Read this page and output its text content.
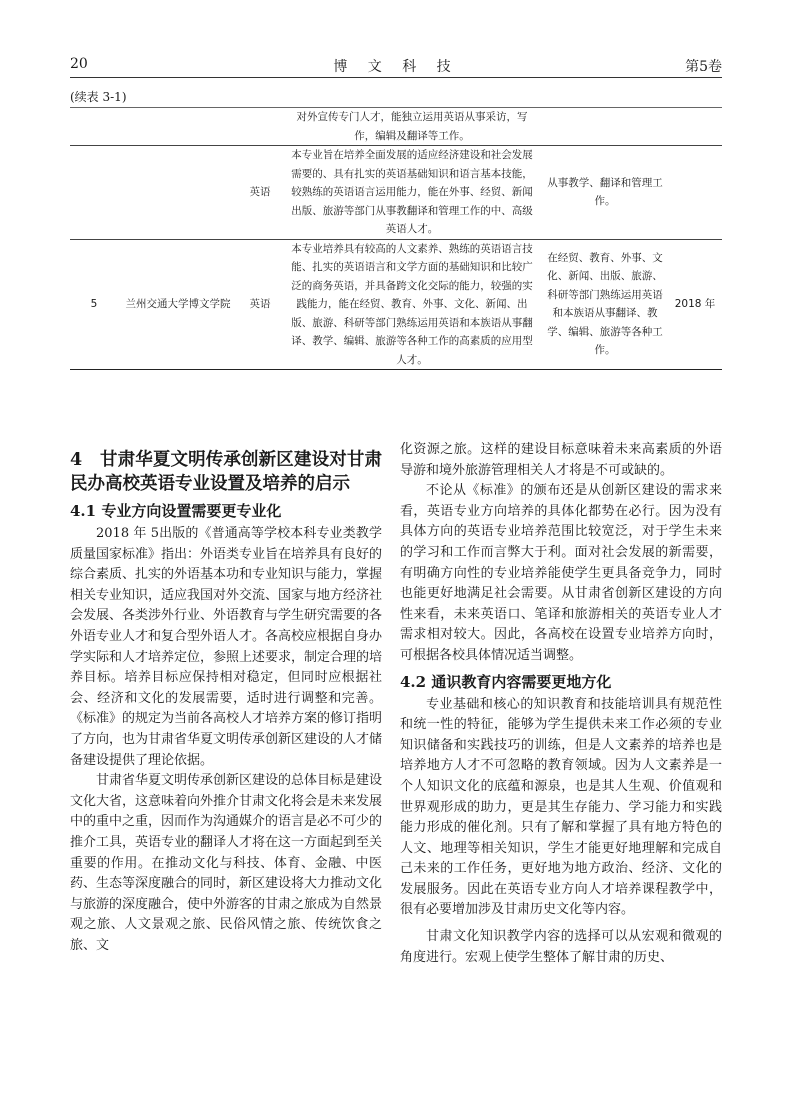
20	博 文 科 技	第5卷
(续表 3-1)
			对外宣传专门人才，能独立运用英语从事采访，写作，编辑及翻译等工作。		
		英语	本专业旨在培养全面发展的适应经济建设和社会发展需要的、具有扎实的英语基础知识和语言基本技能，较熟练的英语语言运用能力，能在外事、经贸、新闻出版、旅游等部门从事教翻译和管理工作的中、高级英语人才。	从事教学、翻译和管理工作。	
5	兰州交通大学博文学院	英语	本专业培养具有较高的人文素养、熟练的英语语言技能、扎实的英语语言和文学方面的基础知识和比较广泛的商务英语，并具备跨文化交际的能力，较强的实践能力，能在经贸、教育、外事、文化、新闻、出版、旅游、科研等部门熟练运用英语和本族语从事翻译、教学、编辑、旅游等各种工作的高素质的应用型人才。	在经贸、教育、外事、文化、新闻、出版、旅游、科研等部门熟练运用英语和本族语从事翻译、教学、编辑、旅游等各种工作。	2018 年
4　甘肃华夏文明传承创新区建设对甘肃民办高校英语专业设置及培养的启示
4.1 专业方向设置需要更专业化

2018 年 5出版的《普通高等学校本科专业类教学质量国家标准》指出：外语类专业旨在培养具有良好的综合素质、扎实的外语基本功和专业知识与能力，掌握相关专业知识，适应我国对外交流、国家与地方经济社会发展、各类涉外行业、外语教育与学生研究需要的各外语专业人才和复合型外语人才。各高校应根据自身办学实际和人才培养定位，参照上述要求，制定合理的培养目标。培养目标应保持相对稳定，但同时应根据社会、经济和文化的发展需要，适时进行调整和完善。《标准》的规定为当前各高校人才培养方案的修订指明了方向，也为甘肃省华夏文明传承创新区建设的人才储备建设提供了理论依据。

甘肃省华夏文明传承创新区建设的总体目标是建设文化大省，这意味着向外推介甘肃文化将会是未来发展中的重中之重，因而作为沟通媒介的语言是必不可少的推介工具，英语专业的翻译人才将在这一方面起到至关重要的作用。在推动文化与科技、体育、金融、中医药、生态等深度融合的同时，新区建设将大力推动文化与旅游的深度融合，使中外游客的甘肃之旅成为自然景观之旅、人文景观之旅、民俗风情之旅、传统饮食之旅、文

化资源之旅。这样的建设目标意味着未来高素质的外语导游和境外旅游管理相关人才将是不可或缺的。

不论从《标准》的颁布还是从创新区建设的需求来看，英语专业方向培养的具体化都势在必行。因为没有具体方向的英语专业培养范围比较宽泛，对于学生未来的学习和工作而言弊大于利。面对社会发展的新需要，有明确方向性的专业培养能使学生更具备竞争力，同时也能更好地满足社会需要。从甘肃省创新区建设的方向性来看，未来英语口、笔译和旅游相关的英语专业人才需求相对较大。因此，各高校在设置专业培养方向时，可根据各校具体情况适当调整。

4.2 通识教育内容需要更地方化

专业基础和核心的知识教育和技能培训具有规范性和统一性的特征，能够为学生提供未来工作必须的专业知识储备和实践技巧的训练，但是人文素养的培养也是培养地方人才不可忽略的教育领域。因为人文素养是一个人知识文化的底蕴和源泉，也是其人生观、价值观和世界观形成的助力，更是其生存能力、学习能力和实践能力形成的催化剂。只有了解和掌握了具有地方特色的人文、地理等相关知识，学生才能更好地理解和完成自己未来的工作任务，更好地为地方政治、经济、文化的发展服务。因此在英语专业方向人才培养课程教学中，很有必要增加涉及甘肃历史文化等内容。

甘肃文化知识教学内容的选择可以从宏观和微观的角度进行。宏观上使学生整体了解甘肃的历史、
